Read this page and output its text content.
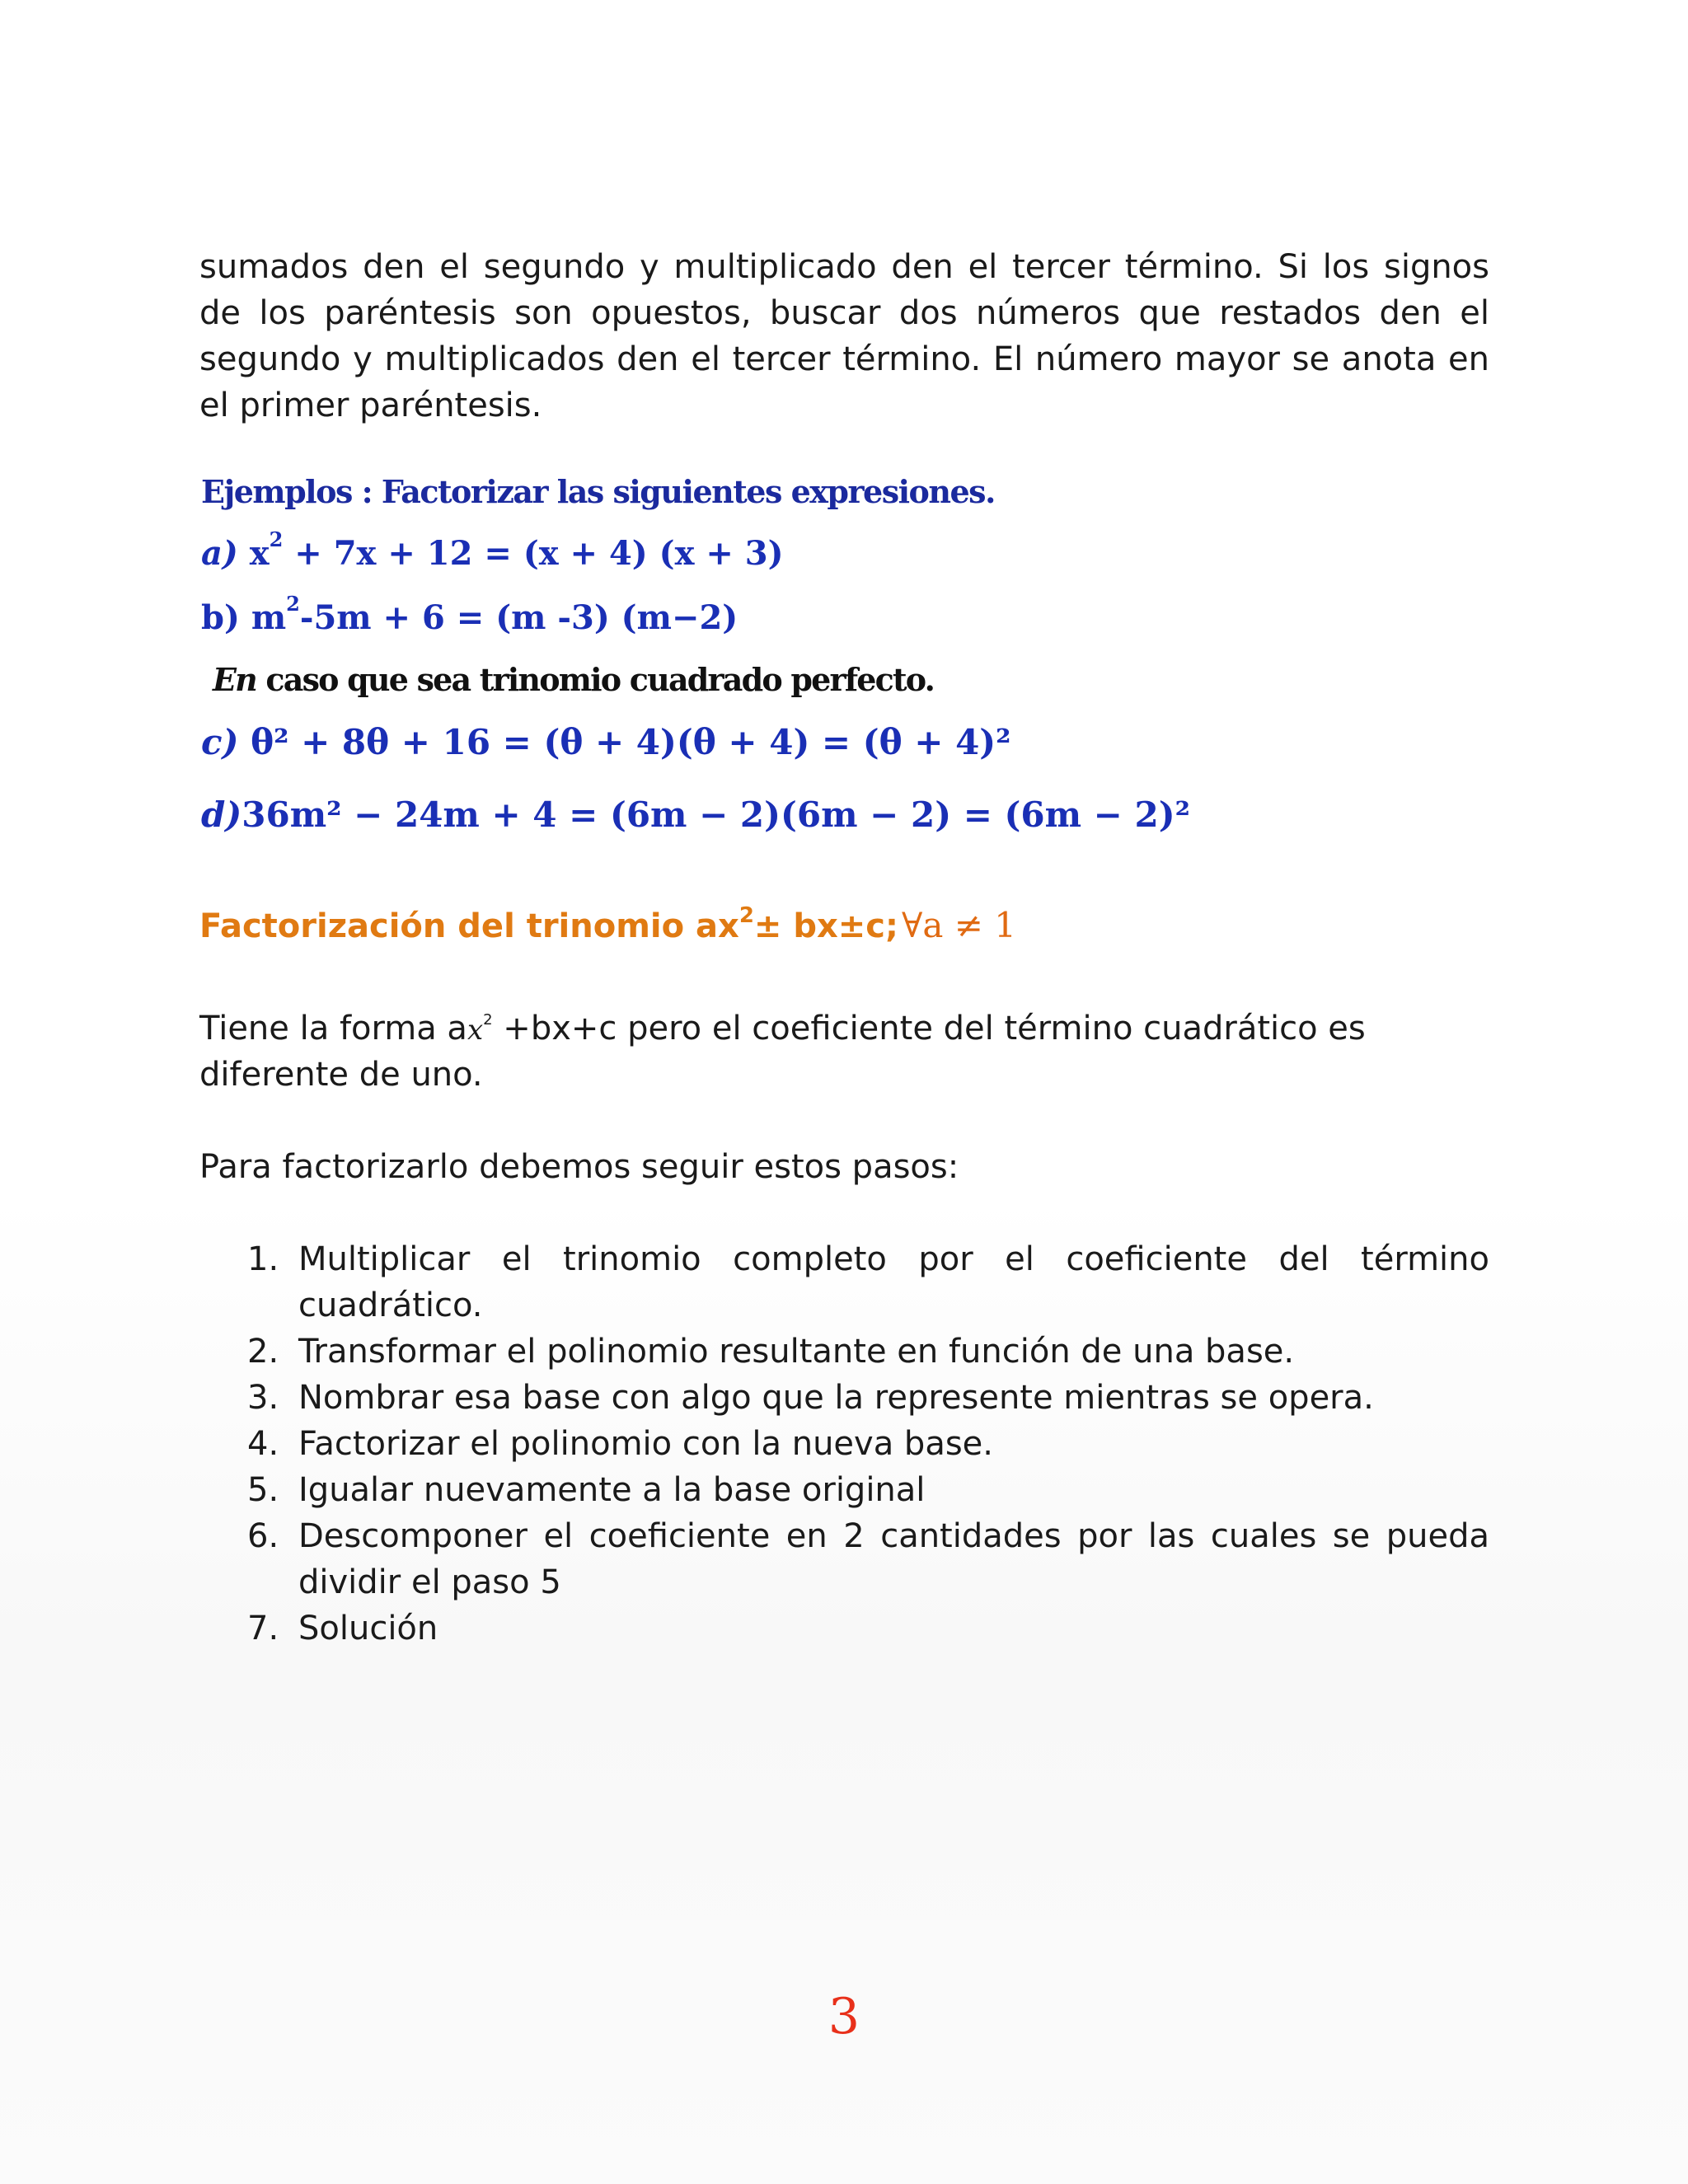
sumados den el segundo y multiplicado den el tercer término. Si los signos
de los paréntesis son opuestos, buscar dos números que restados den el
segundo y multiplicados den el tercer término. El número mayor se anota en
el primer paréntesis.
Ejemplos : Factorizar las siguientes expresiones.
a) $x^2 + 7x + 12 = (x + 4) (x + 3)$
b) $m^2-5m + 6 = (m$ -3) (m−2)
En caso que sea trinomio cuadrado perfecto.
c) θ² + 8θ + 16 = (θ + 4)(θ + 4) = (θ + 4)²
d)36m² − 24m + 4 = (6m − 2)(6m − 2) = (6m − 2)²
Factorización del trinomio $ax^2\pm$ bx±c;∀a ≠ 1
Tiene la forma $ax^2 +bx+c$ pero el coeficiente del término cuadrático es
diferente de uno.
Para factorizarlo debemos seguir estos pasos:
1. Multiplicar el trinomio completo por el coeficiente del término
cuadrático.
2. Transformar el polinomio resultante en función de una base.
3. Nombrar esa base con algo que la represente mientras se opera.
4. Factorizar el polinomio con la nueva base.
5. Igualar nuevamente a la base original
6. Descomponer el coeficiente en 2 cantidades por las cuales se pueda
dividir el paso 5
7. Solución
3
